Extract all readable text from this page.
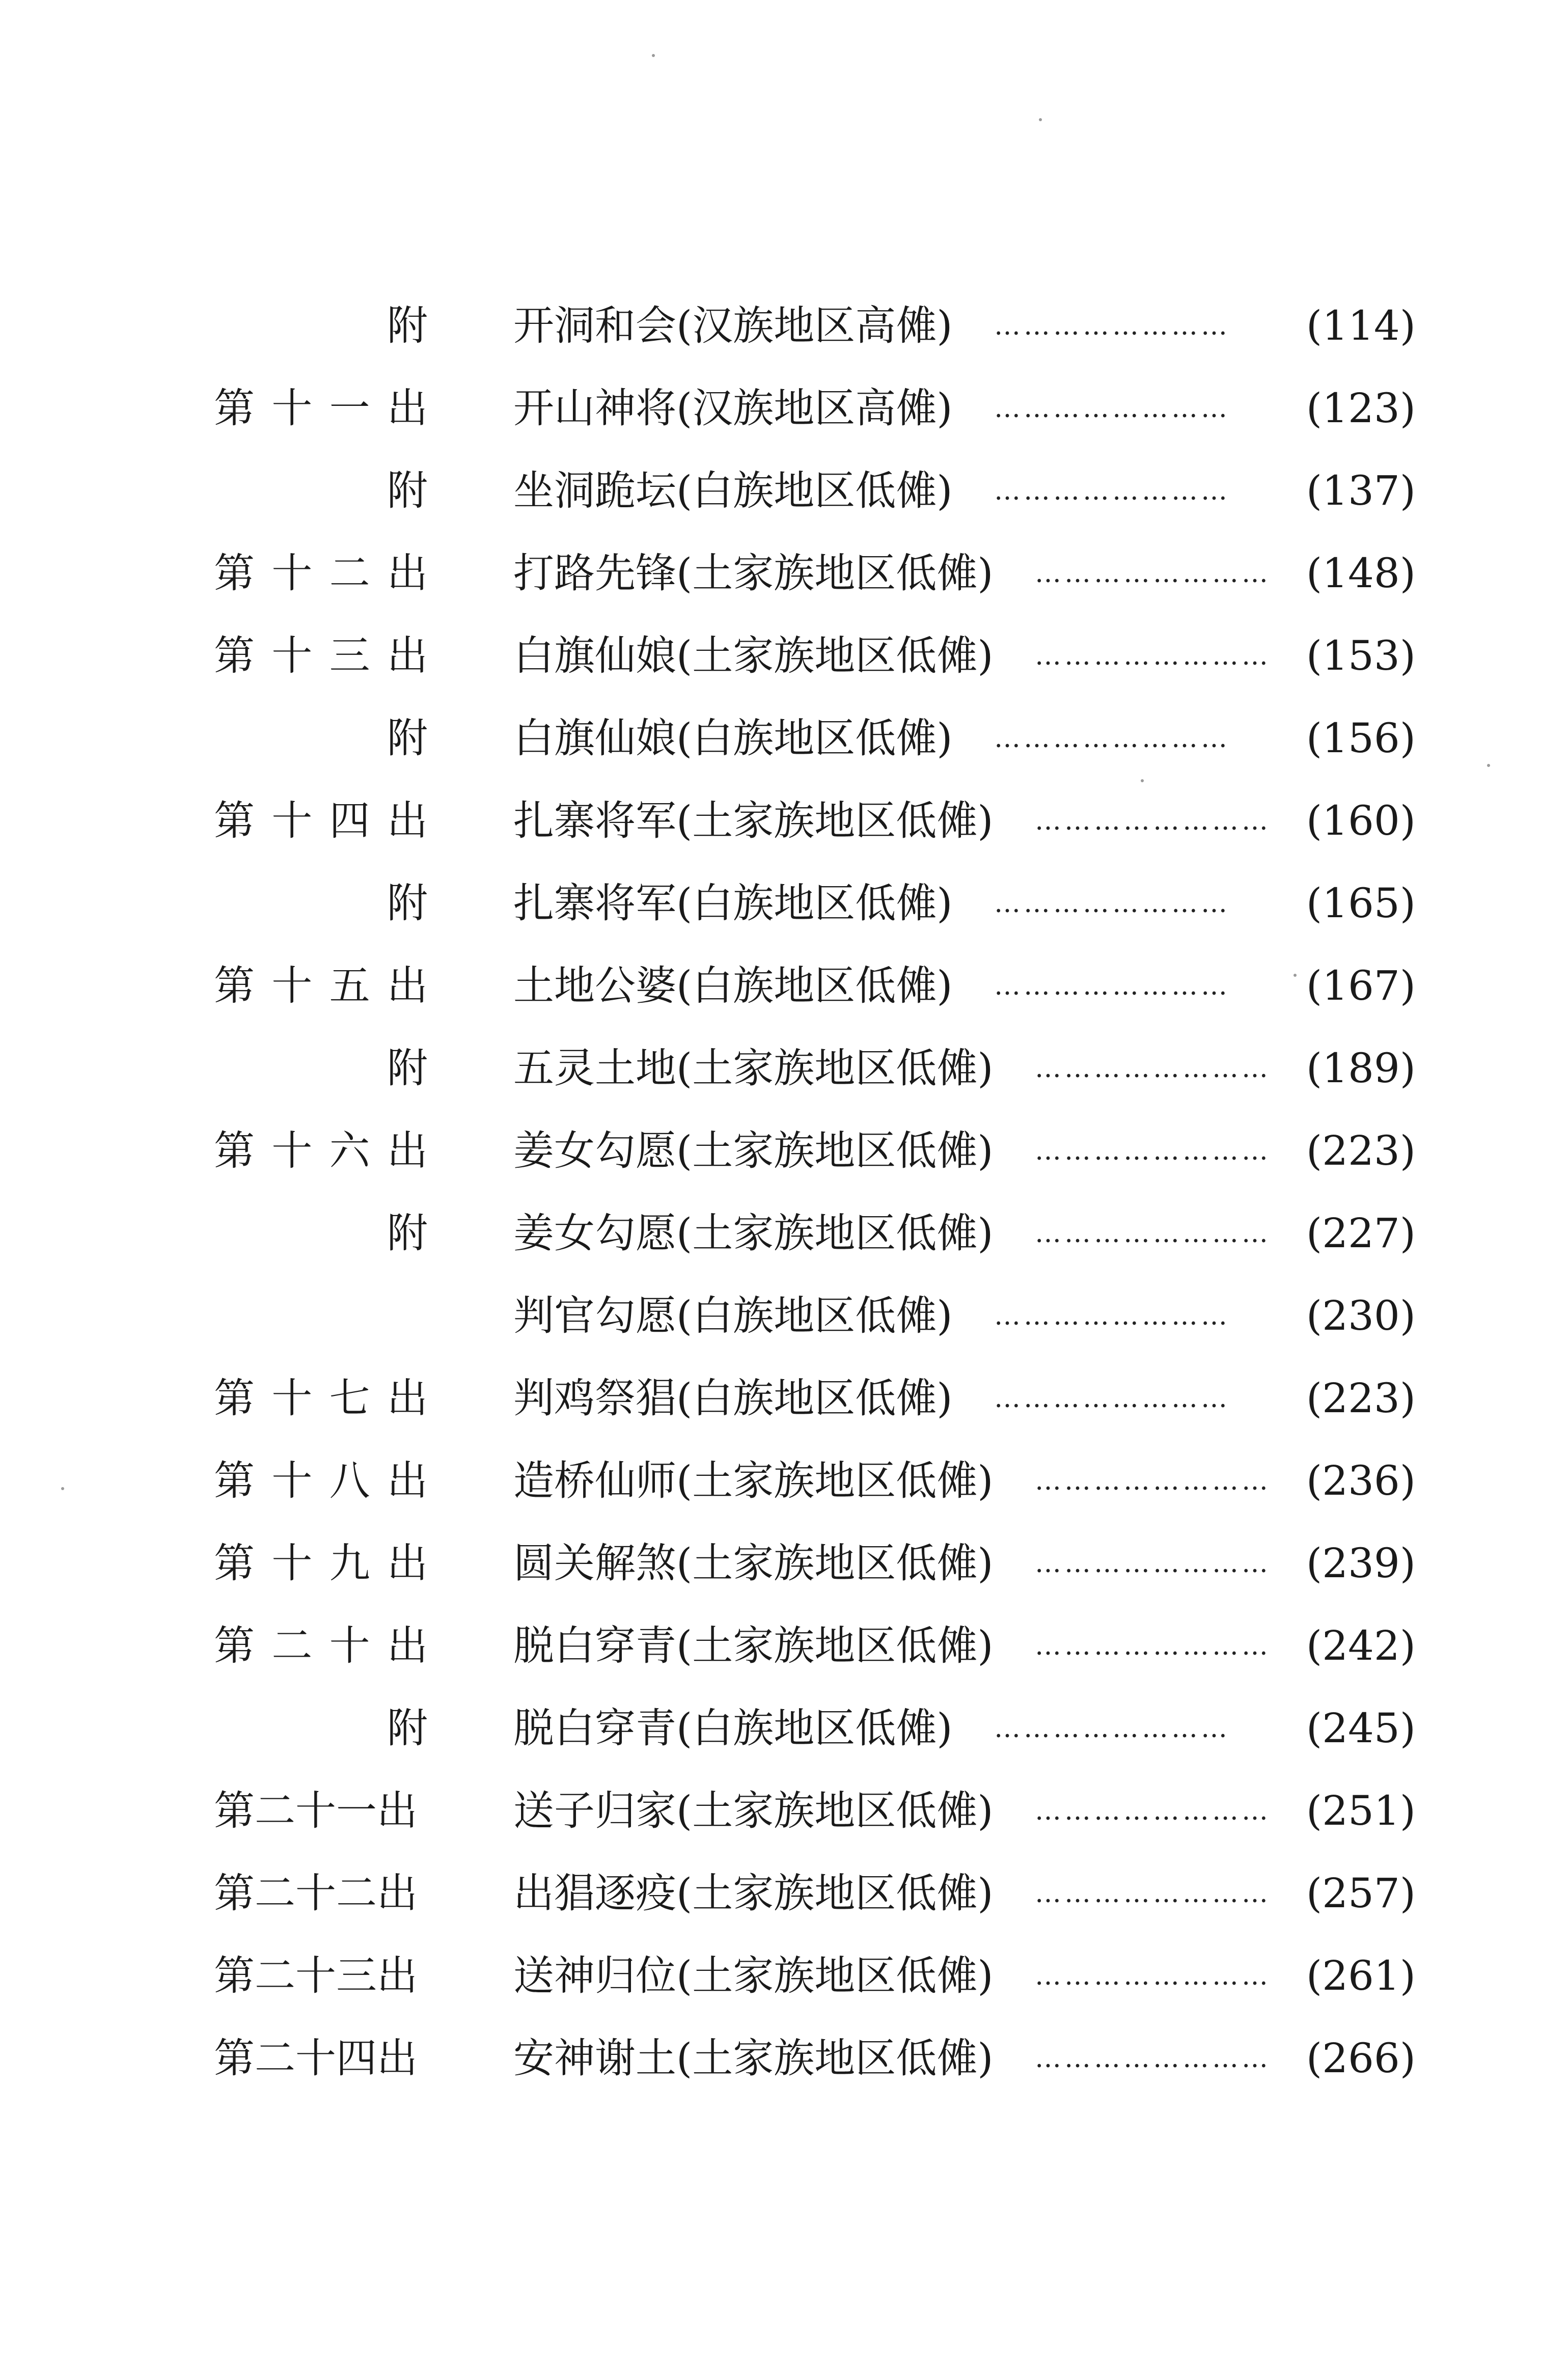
附 开洞和会(汉族地区高傩) ……………………	(114)
第 十 一 出 开山神将(汉族地区高傩) ……………………	(123)
附 坐洞跪坛(白族地区低傩) ……………………	(137)
第 十 二 出 打路先锋(土家族地区低傩) …………………… (148)
第 十 三 出 白旗仙娘(土家族地区低傩) …………………… (153)
附 白旗仙娘(白族地区低傩) ……………………	(156)
第 十 四 出 扎寨将军(土家族地区低傩) …………………… (160)
附 扎寨将军(白族地区低傩) ……………………	(165)
第 十 五 出 土地公婆(白族地区低傩) ……………………	(167)
附 五灵土地(土家族地区低傩) …………………… (189)
第 十 六 出 姜女勾愿(土家族地区低傩) …………………… (223)
附 姜女勾愿(土家族地区低傩) …………………… (227)
判官勾愿(白族地区低傩) ……………………	(230)
第 十 七 出 判鸡祭猖(白族地区低傩) ……………………	(223)
第 十 八 出 造桥仙师(土家族地区低傩) …………………… (236)
第 十 九 出 圆关解煞(土家族地区低傩) …………………… (239)
第 二 十 出 脱白穿青(土家族地区低傩) …………………… (242)
附 脱白穿青(白族地区低傩) ……………………	(245)
第二十一出 送子归家(土家族地区低傩) …………………… (251)
第二十二出 出猖逐疫(土家族地区低傩) …………………… (257)
第二十三出 送神归位(土家族地区低傩) …………………… (261)
第二十四出 安神谢土(土家族地区低傩) …………………… (266)
